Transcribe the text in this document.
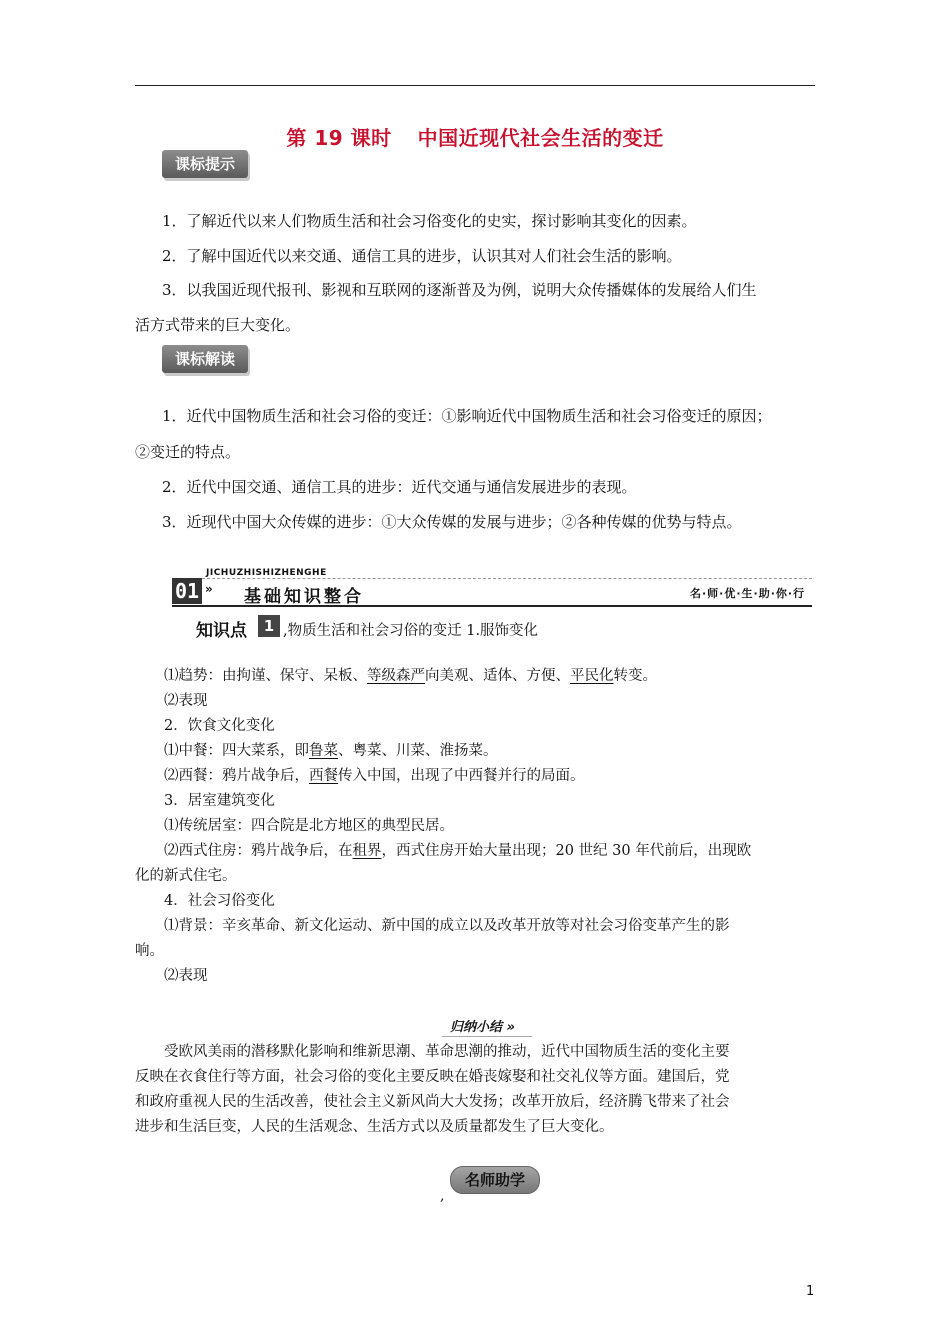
第 19 课时 中国近现代社会生活的变迁
课标提示
1．了解近代以来人们物质生活和社会习俗变化的史实，探讨影响其变化的因素。
2．了解中国近代以来交通、通信工具的进步，认识其对人们社会生活的影响。
3．以我国近现代报刊、影视和互联网的逐渐普及为例，说明大众传播媒体的发展给人们生
活方式带来的巨大变化。
课标解读
1．近代中国物质生活和社会习俗的变迁：①影响近代中国物质生活和社会习俗变迁的原因；
②变迁的特点。
2．近代中国交通、通信工具的进步：近代交通与通信发展进步的表现。
3．近现代中国大众传媒的进步：①大众传媒的发展与进步；②各种传媒的优势与特点。
01
JICHUZHISHIZHENGHE
» 基础知识整合	名·师·优·生·助·你·行
知识点	1 ,物质生活和社会习俗的变迁 1.服饰变化
⑴趋势：由拘谨、保守、呆板、等级森严向美观、适体、方便、平民化转变。
⑵表现
2．饮食文化变化
⑴中餐：四大菜系，即鲁菜、粤菜、川菜、淮扬菜。
⑵西餐：鸦片战争后，西餐传入中国，出现了中西餐并行的局面。
3．居室建筑变化
⑴传统居室：四合院是北方地区的典型民居。
⑵西式住房：鸦片战争后，在租界，西式住房开始大量出现；20 世纪 30 年代前后，出现欧
化的新式住宅。
4．社会习俗变化
⑴背景：辛亥革命、新文化运动、新中国的成立以及改革开放等对社会习俗变革产生的影
响。
⑵表现
归纳小结 »
受欧风美雨的潜移默化影响和维新思潮、革命思潮的推动，近代中国物质生活的变化主要
反映在衣食住行等方面，社会习俗的变化主要反映在婚丧嫁娶和社交礼仪等方面。建国后，党
和政府重视人民的生活改善，使社会主义新风尚大大发扬；改革开放后，经济腾飞带来了社会
进步和生活巨变，人民的生活观念、生活方式以及质量都发生了巨大变化。
名师助学
,
1
